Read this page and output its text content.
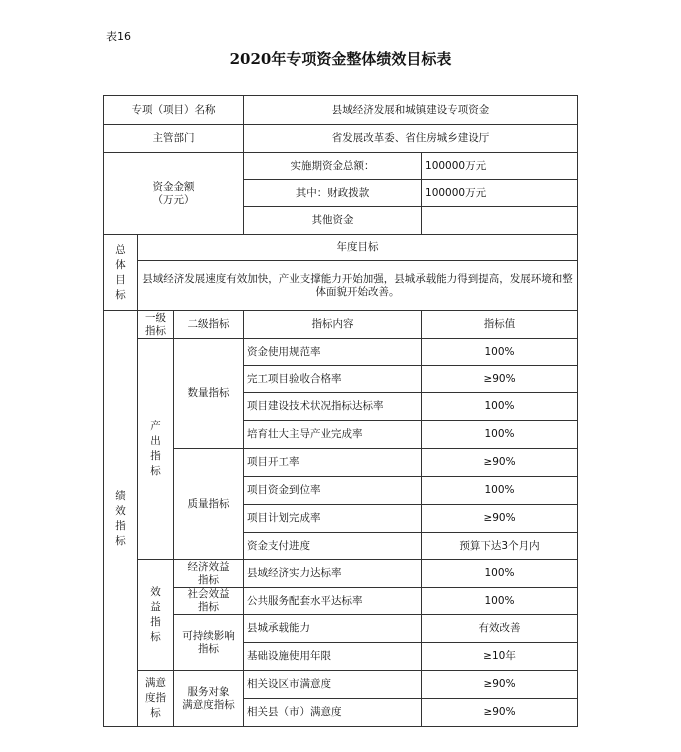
表16
2020年专项资金整体绩效目标表
专项（项目）名称			县域经济发展和城镇建设专项资金	
主管部门			省发展改革委、省住房城乡建设厅	
资金金额
（万元）			实施期资金总额：	100000万元
			其中：财政拨款	100000万元
			其他资金	
总
体
目
标	年度目标			
	县域经济发展速度有效加快，产业支撑能力开始加强，县城承载能力得到提高，发展环境和整体面貌开始改善。			
绩
效
指
标	一级
指标	二级指标	指标内容	指标值
	产
出
指
标	数量指标	资金使用规范率	100%
			完工项目验收合格率	≥90%
			项目建设技术状况指标达标率	100%
			培育壮大主导产业完成率	100%
		质量指标	项目开工率	≥90%
			项目资金到位率	100%
			项目计划完成率	≥90%
			资金支付进度	预算下达3个月内
	效
益
指
标	经济效益
指标	县域经济实力达标率	100%
		社会效益
指标	公共服务配套水平达标率	100%
		可持续影响
指标	县城承载能力	有效改善
			基础设施使用年限	≥10年
	满意
度指
标	服务对象
满意度指标	相关设区市满意度	≥90%
			相关县（市）满意度	≥90%
